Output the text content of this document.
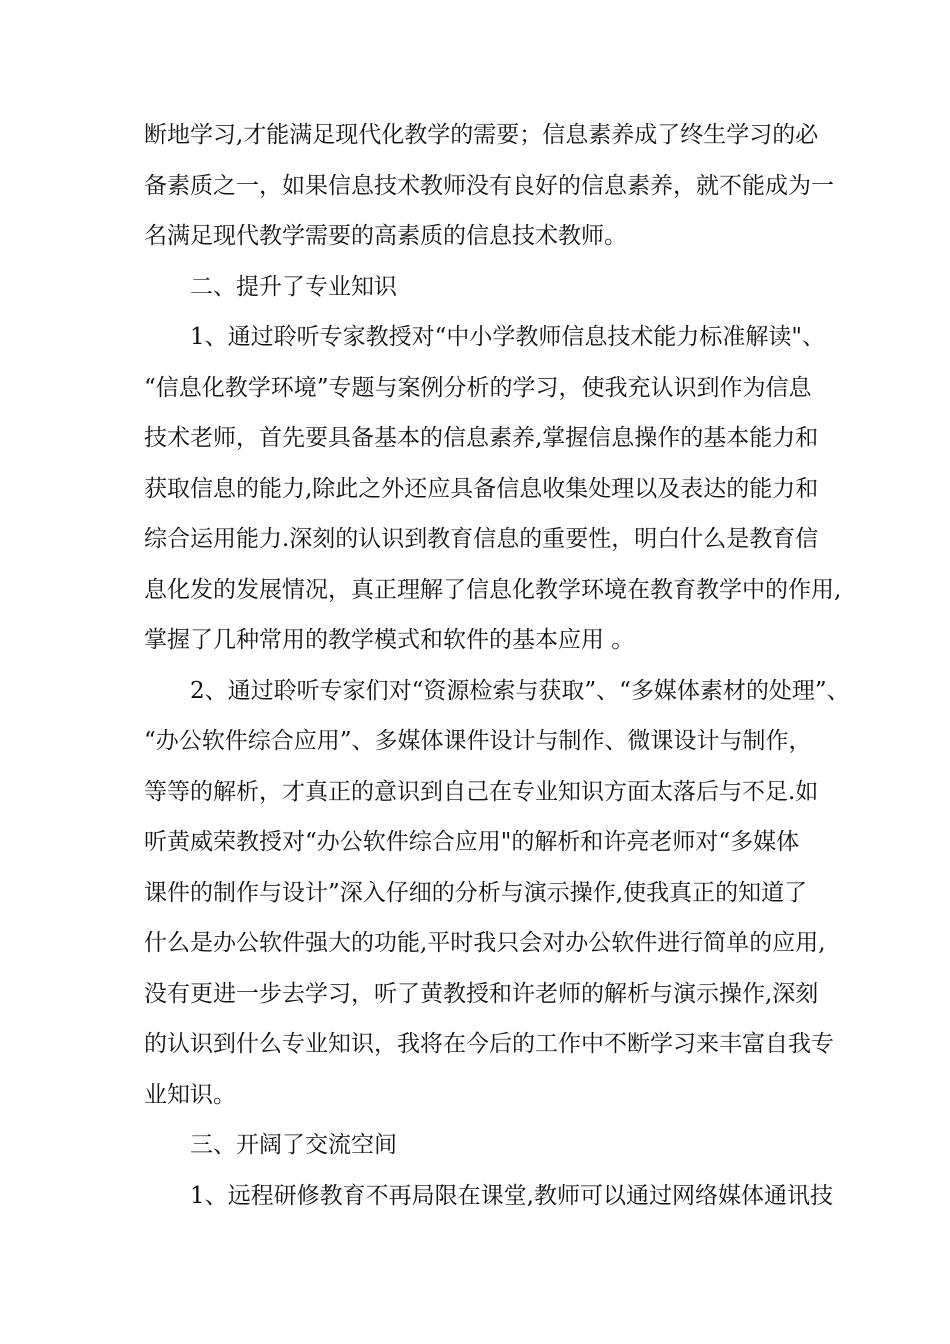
断地学习,才能满足现代化教学的需要；信息素养成了终生学习的必
备素质之一，如果信息技术教师没有良好的信息素养，就不能成为一
名满足现代教学需要的高素质的信息技术教师。
二、提升了专业知识
1、通过聆听专家教授对“中小学教师信息技术能力标准解读"、
“信息化教学环境”专题与案例分析的学习，使我充认识到作为信息
技术老师，首先要具备基本的信息素养,掌握信息操作的基本能力和
获取信息的能力,除此之外还应具备信息收集处理以及表达的能力和
综合运用能力.深刻的认识到教育信息的重要性，明白什么是教育信
息化发的发展情况，真正理解了信息化教学环境在教育教学中的作用,
掌握了几种常用的教学模式和软件的基本应用 。
2、通过聆听专家们对“资源检索与获取”、“多媒体素材的处理”、
“办公软件综合应用”、多媒体课件设计与制作、微课设计与制作，
等等的解析，才真正的意识到自己在专业知识方面太落后与不足.如
听黄威荣教授对“办公软件综合应用"的解析和许亮老师对“多媒体
课件的制作与设计”深入仔细的分析与演示操作,使我真正的知道了
什么是办公软件强大的功能,平时我只会对办公软件进行简单的应用,
没有更进一步去学习，听了黄教授和许老师的解析与演示操作,深刻
的认识到什么专业知识，我将在今后的工作中不断学习来丰富自我专
业知识。
三、开阔了交流空间
1、远程研修教育不再局限在课堂,教师可以通过网络媒体通讯技
